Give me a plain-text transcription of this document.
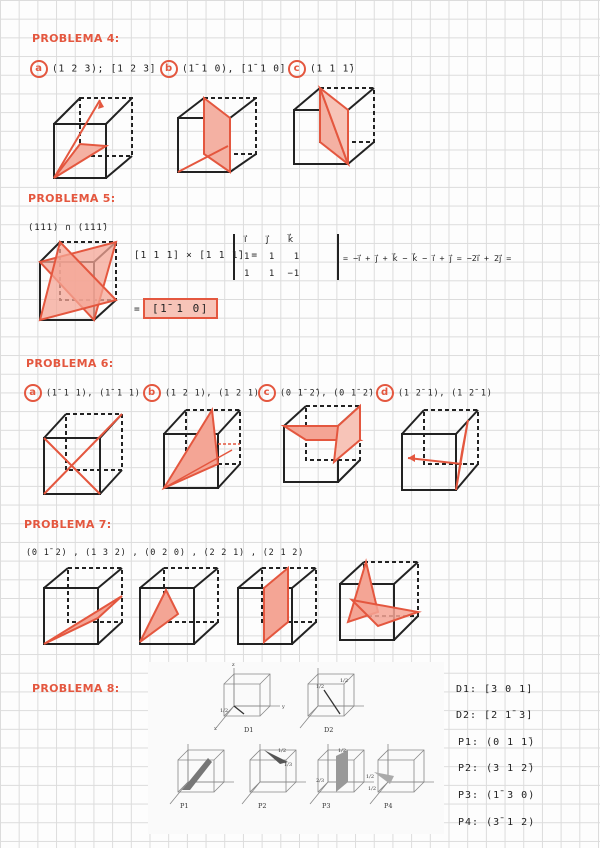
PROBLEMA 4:
a (1 2 3); [1 2 3] b (1̄ 1 0), [1̄ 1 0] c (1 1 1̄)
PROBLEMA 5:
(111) ∩ (111̄)
[1 1 1] × [1 1 1̄] =
i⃗   j⃗   k⃗
1   1   1
1   1  −1
= −i⃗ + j⃗ + k⃗ − k⃗ − i⃗ + j⃗ = −2i⃗ + 2j⃗ =
=	[1̄ 1 0]
PROBLEMA 6:
a (1̄ 1 1), (1̄ 1 1) b (1 2 1), (1 2 1) c (0 1̄ 2̄), (0 1̄ 2̄) d (1 2̄ 1), (1 2̄ 1)
PROBLEMA 7:
(0 1̄ 2) , (1 3 2) , (0 2 0) , (2 2 1) , (2 1 2)
PROBLEMA 8:
D1	D2
P1	P2	P3	P4
1/2
1/2
1/2
1/2
1/3
1/2
1/2
1/2
2/3
z
y
x
D1: [3 0 1]
D2: [2 1̄ 3]
P1: (0 1 1̄)
P2: (3 1 2̄)
P3: (1̄ 3 0)
P4: (3̄ 1 2)
